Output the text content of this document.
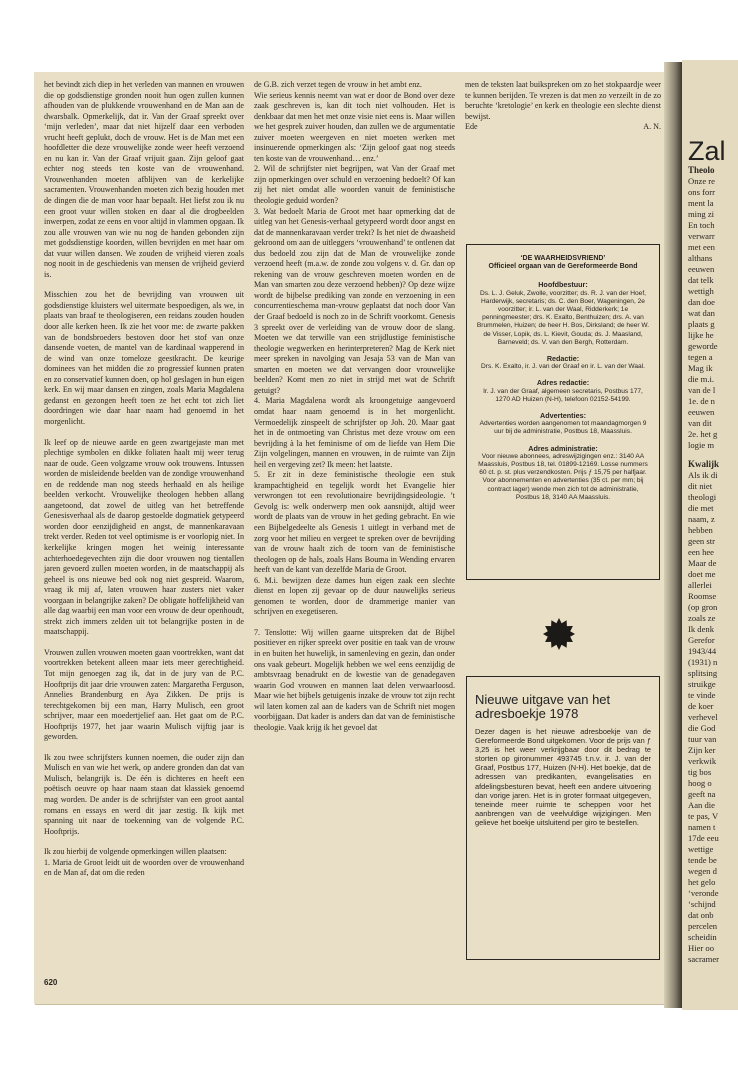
Zal
Theolo
Onze re
ons forr
ment la
ming zi
En toch
verwarr
met een
althans
eeuwen
dat telk
wettigh
dan doe
wat dan
plaats g
lijke he
geworde
tegen a
Mag ik
die m.i.
van de l
1e. de n
eeuwen
van dit
2e. het g
logie m
Kwalijk
Als ik di
dit niet
theologi
die met
naam, z
hebben
geen str
een hee
Maar de
doet me
allerlei
Roomse
(op gron
zoals ze
Ik denk
Gerefor
1943/44
(1931) n
splitsing
struikge
te vinde
de koer
verhevel
die God
tuur van
Zijn ker
verkwik
tig bos
hoog o
geeft na
Aan die
te pas, V
namen t
17de eeu
wettige
tende be
wegen d
het gelo
‘veronde
‘schijnd
dat onb
percelen
scheidin
Hier oo
sacramer

het bevindt zich diep in het verleden van mannen en vrouwen die op godsdienstige gronden nooit hun ogen zullen kunnen afhouden van de plukkende vrouwenhand en de Man aan de dwarsbalk. Opmerkelijk, dat ir. Van der Graaf spreekt over ‘mijn verleden’, maar dat niet hijzelf daar een verboden vrucht heeft geplukt, doch de vrouw. Het is de Man met een hoofdletter die deze vrouwelijke zonde weer heeft verzoend en nu kan ir. Van der Graaf vrijuit gaan. Zijn geloof gaat echter nog steeds ten koste van de vrouwenhand. Vrouwenhanden moeten afblijven van de kerkelijke sacramenten. Vrouwenhanden moeten zich bezig houden met de dingen die de man voor haar bepaalt. Het liefst zou ik nu een groot vuur willen stoken en daar al die drogbeelden inwerpen, zodat ze eens en voor altijd in vlammen opgaan. Ik zou alle vrouwen van wie nu nog de handen gebonden zijn met godsdienstige koorden, willen bevrijden en met haar om dat vuur willen dansen. We zouden de vrijheid vieren zoals nog nooit in de geschiedenis van mensen de vrijheid gevierd is.

Misschien zou het de bevrijding van vrouwen uit godsdienstige kluisters wel uitermate bespoedigen, als we, in plaats van braaf te theologiseren, een reidans zouden houden door alle kerken heen. Ik zie het voor me: de zwarte pakken van de bondsbroeders bestoven door het stof van onze dansende voeten, de mantel van de kardinaal wapperend in de wind van onze tomeloze geestkracht. De keurige dominees van het midden die zo progressief kunnen praten en zo conservatief kunnen doen, op hol geslagen in hun eigen kerk. En wij maar dansen en zingen, zoals Maria Magdalena gedanst en gezongen heeft toen ze het echt tot zich liet doordringen wie daar haar naam had genoemd in het morgenlicht.

Ik leef op de nieuwe aarde en geen zwartgejaste man met plechtige symbolen en dikke foliaten haalt mij weer terug naar de oude. Geen volgzame vrouw ook trouwens. Intussen worden de misleidende beelden van de zondige vrouwenhand en de reddende man nog steeds herhaald en als heilige beelden verkocht. Vrouwelijke theologen hebben allang aangetoond, dat zowel de uitleg van het betreffende Genesisverhaal als de daarop gestoelde dogmatiek getypeerd worden door eenzijdigheid en angst, de mannenkaravaan trekt verder. Reden tot veel optimisme is er voorlopig niet. In kerkelijke kringen mogen het weinig interessante achterhoedegevechten zijn die door vrouwen nog tientallen jaren gevoerd zullen moeten worden, in de maatschappij als geheel is ons nieuwe bed ook nog niet gespreid. Waarom, vraag ik mij af, laten vrouwen haar zusters niet vaker voorgaan in belangrijke zaken? De obligate hoffelijkheid van alle dag waarbij een man voor een vrouw de deur openhoudt, strekt zich immers zelden uit tot belangrijke posten in de maatschappij.

Vrouwen zullen vrouwen moeten gaan voortrekken, want dat voortrekken betekent alleen maar iets meer gerechtigheid. Tot mijn genoegen zag ik, dat in de jury van de P.C. Hooftprijs dit jaar drie vrouwen zaten: Margaretha Ferguson, Annelies Brandenburg en Aya Zikken. De prijs is terechtgekomen bij een man, Harry Mulisch, een groot schrijver, maar een moedertjelief aan. Het gaat om de P.C. Hooftprijs 1977, het jaar waarin Mulisch vijftig jaar is geworden.

Ik zou twee schrijfsters kunnen noemen, die ouder zijn dan Mulisch en van wie het werk, op andere gronden dan dat van Mulisch, belangrijk is. De één is dichteres en heeft een poëtisch oeuvre op haar naam staan dat klassiek genoemd mag worden. De ander is de schrijfster van een groot aantal romans en essays en werd dit jaar zestig. Ik kijk met spanning uit naar de toekenning van de volgende P.C. Hooftprijs.

Ik zou hierbij de volgende opmerkingen willen plaatsen:

1. Maria de Groot leidt uit de woorden over de vrouwenhand en de Man af, dat om die reden

de G.B. zich verzet tegen de vrouw in het ambt enz.

Wie serieus kennis neemt van wat er door de Bond over deze zaak geschreven is, kan dit toch niet volhouden. Het is denkbaar dat men het met onze visie niet eens is. Maar willen we het gesprek zuiver houden, dan zullen we de argumentatie zuiver moeten weergeven en niet moeten werken met insinuerende opmerkingen als: ‘Zijn geloof gaat nog steeds ten koste van de vrouwenhand… enz.’

2. Wil de schrijfster niet begrijpen, wat Van der Graaf met zijn opmerkingen over schuld en verzoening bedoelt? Of kan zij het niet omdat alle woorden vanuit de feministische theologie geduid worden?

3. Wat bedoelt Maria de Groot met haar opmerking dat de uitleg van het Genesis-verhaal getypeerd wordt door angst en dat de mannenkaravaan verder trekt? Is het niet de dwaasheid gekroond om aan de uitleggers ‘vrouwenhand’ te ontlenen dat dus bedoeld zou zijn dat de Man de vrouwelijke zonde verzoend heeft (m.a.w. de zonde zou volgens v. d. Gr. dan op rekening van de vrouw geschreven moeten worden en de Man van smarten zou deze verzoend hebben)? Op deze wijze wordt de bijbelse prediking van zonde en verzoening in een concurrentieschema man-vrouw geplaatst dat noch door Van der Graaf bedoeld is noch zo in de Schrift voorkomt. Genesis 3 spreekt over de verleiding van de vrouw door de slang. Moeten we dat terwille van een strijdlustige feministische theologie wegwerken en herinterpreteren? Mag de Kerk niet meer spreken in navolging van Jesaja 53 van de Man van smarten en moeten we dat vervangen door vrouwelijke beelden? Komt men zo niet in strijd met wat de Schrift getuigt?

4. Maria Magdalena wordt als kroongetuige aangevoerd omdat haar naam genoemd is in het morgenlicht. Vermoedelijk zinspeelt de schrijfster op Joh. 20. Maar gaat het in de ontmoeting van Christus met deze vrouw om een bevrijding à la het feminisme of om de liefde van Hem Die Zijn volgelingen, mannen en vrouwen, in de ruimte van Zijn heil en vergeving zet? Ik meen: het laatste.

5. Er zit in deze feministische theologie een stuk krampachtigheid en tegelijk wordt het Evangelie hier verwrongen tot een revolutionaire bevrijdingsideologie. ’t Gevolg is: welk onderwerp men ook aansnijdt, altijd weer wordt de plaats van de vrouw in het geding gebracht. En wie een Bijbelgedeelte als Genesis 1 uitlegt in verband met de zorg voor het milieu en vergeet te spreken over de bevrijding van de vrouw haalt zich de toorn van de feministische theologen op de hals, zoals Hans Bouma in Wending ervaren heeft van de kant van dezelfde Maria de Groot.

6. M.i. bewijzen deze dames hun eigen zaak een slechte dienst en lopen zij gevaar op de duur nauwelijks serieus genomen te worden, door de drammerige manier van schrijven en exegetiseren.

7. Tenslotte: Wij willen gaarne uitspreken dat de Bijbel positiever en rijker spreekt over positie en taak van de vrouw in en buiten het huwelijk, in samenleving en gezin, dan onder ons vaak gebeurt. Mogelijk hebben we wel eens eenzijdig de ambtsvraag benadrukt en de kwestie van de genadegaven waarin God vrouwen en mannen laat delen verwaarloosd. Maar wie het bijbels getuigenis inzake de vrouw tot zijn recht wil laten komen zal aan de kaders van de Schrift niet mogen voorbijgaan. Dat kader is anders dan dat van de feministische theologie. Vaak krijg ik het gevoel dat

men de teksten laat buikspreken om zo het stokpaardje weer te kunnen berijden. Te vrezen is dat men zo verzeilt in de zo beruchte ‘kretologie’ en kerk en theologie een slechte dienst bewijst.

Ede	A. N.
‘DE WAARHEIDSVRIEND’
Officieel orgaan van de Gereformeerde Bond
Hoofdbestuur:

Ds. L. J. Geluk, Zwolle, voorzitter; ds. R. J. van der Hoef, Harderwijk, secretaris; ds. C. den Boer, Wageningen, 2e voorzitter; ir. L. van der Waal, Ridderkerk; 1e penningmeester; drs. K. Exalto, Benthuizen; drs. A. van Brummelen, Huizen; de heer H. Bos, Dirksland; de heer W. de Visser, Lopik, ds. L. Kievit, Gouda; ds. J. Maasland, Barneveld; ds. V. van den Bergh, Rotterdam.

Redactie:

Drs. K. Exalto, ir. J. van der Graaf en ir. L. van der Waal.

Adres redactie:

Ir. J. van der Graaf, algemeen secretaris, Postbus 177, 1270 AD Huizen (N-H), telefoon 02152-54199.

Advertenties:

Advertenties worden aangenomen tot maandagmorgen 9 uur bij de administratie, Postbus 18, Maassluis.

Adres administratie:

Voor nieuwe abonnees, adreswijzigingen enz.: 3140 AA Maassluis, Postbus 18, tel. 01899-12169. Losse nummers 60 ct. p. st. plus verzendkosten. Prijs ƒ 15,75 per halfjaar. Voor abonnementen en advertenties (35 ct. per mm; bij contract lager) wende men zich tot de administratie, Postbus 18, 3140 AA Maassluis.

Nieuwe uitgave van het adresboekje 1978
Dezer dagen is het nieuwe adresboekje van de Gereformeerde Bond uitgekomen. Voor de prijs van ƒ 3,25 is het weer verkrijgbaar door dit bedrag te storten op gironummer 493745 t.n.v. ir. J. van der Graaf, Postbus 177, Huizen (N-H). Het boekje, dat de adressen van predikanten, evangelisaties en afdelingsbesturen bevat, heeft een andere uitvoering dan vorige jaren. Het is in groter formaat uitgegeven, teneinde meer ruimte te scheppen voor het aanbrengen van de veelvuldige wijzigingen. Men gelieve het boekje uitsluitend per giro te bestellen.
620
